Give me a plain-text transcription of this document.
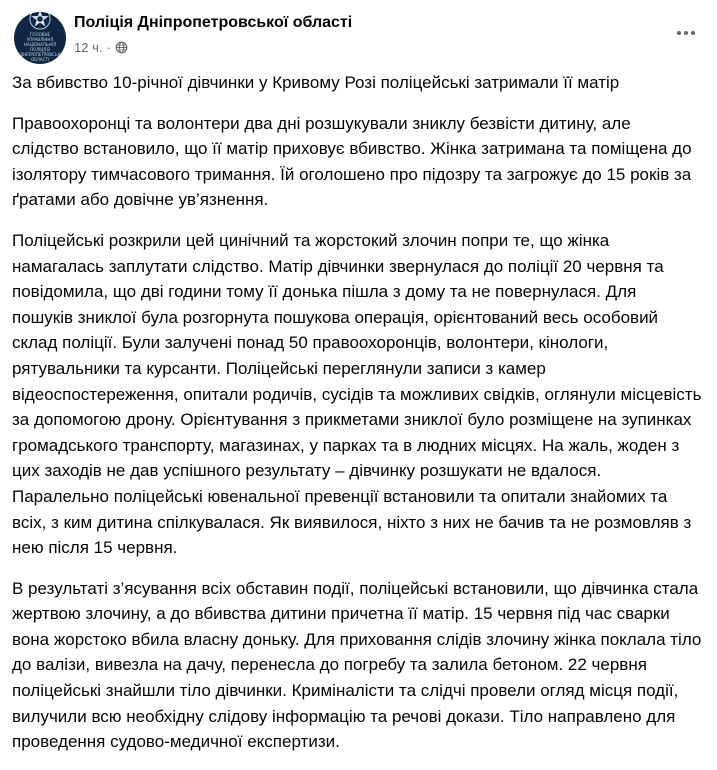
ГОЛОВНЕ УПРАВЛІННЯ НАЦІОНАЛЬНОЇ ПОЛІЦІЇ В ДНІПРОПЕТРОВСЬКІЙ ОБЛАСТІ
Поліція Дніпропетровської області
12 ч. ·

За вбивство 10-річної дівчинки у Кривому Розі поліцейські затримали її матір

Правоохоронці та волонтери два дні розшукували зниклу безвісти дитину, але слідство встановило, що її матір приховує вбивство. Жінка затримана та поміщена до ізолятору тимчасового тримання. Їй оголошено про підозру та загрожує до 15 років за ґратами або довічне ув’язнення.

Поліцейські розкрили цей цинічний та жорстокий злочин попри те, що жінка намагалась заплутати слідство. Матір дівчинки звернулася до поліції 20 червня та повідомила, що дві години тому її донька пішла з дому та не повернулася. Для пошуків зниклої була розгорнута пошукова операція, орієнтований весь особовий склад поліції. Були залучені понад 50 правоохоронців, волонтери, кінологи, рятувальники та курсанти. Поліцейські переглянули записи з камер відеоспостереження, опитали родичів, сусідів та можливих свідків, оглянули місцевість за допомогою дрону. Орієнтування з прикметами зниклої було розміщене на зупинках громадського транспорту, магазинах, у парках та в людних місцях. На жаль, жоден з цих заходів не дав успішного результату – дівчинку розшукати не вдалося. Паралельно поліцейські ювенальної превенції встановили та опитали знайомих та всіх, з ким дитина спілкувалася. Як виявилося, ніхто з них не бачив та не розмовляв з нею після 15 червня.

В результаті з’ясування всіх обставин події, поліцейські встановили, що дівчинка стала жертвою злочину, а до вбивства дитини причетна її матір. 15 червня під час сварки вона жорстоко вбила власну доньку. Для приховання слідів злочину жінка поклала тіло до валізи, вивезла на дачу, перенесла до погребу та залила бетоном. 22 червня поліцейські знайшли тіло дівчинки. Криміналісти та слідчі провели огляд місця події, вилучили всю необхідну слідову інформацію та речові докази. Тіло направлено для проведення судово-медичної експертизи.
